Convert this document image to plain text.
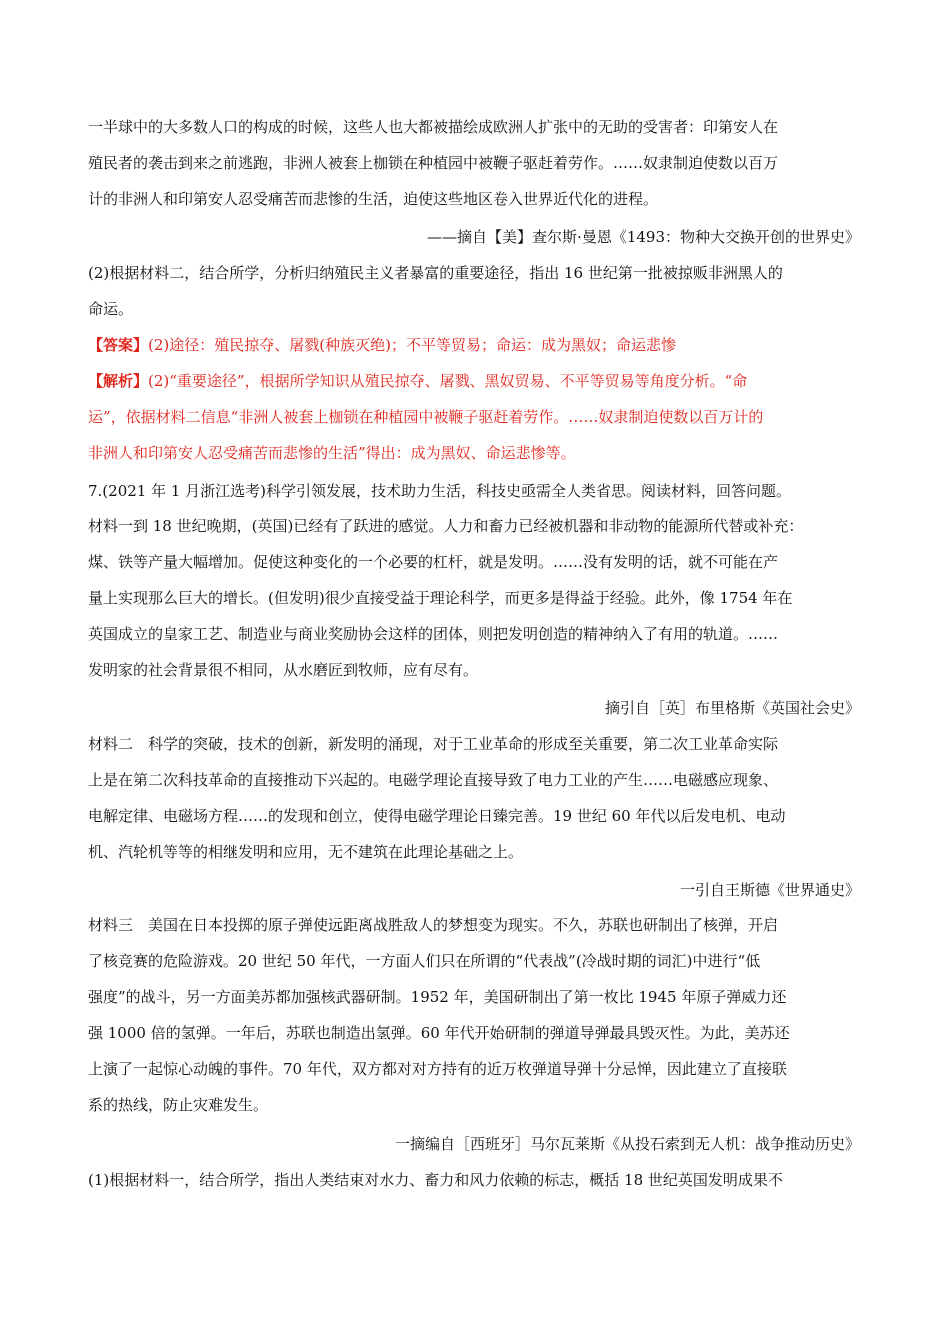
一半球中的大多数人口的构成的时候，这些人也大都被描绘成欧洲人扩张中的无助的受害者：印第安人在
殖民者的袭击到来之前逃跑，非洲人被套上枷锁在种植园中被鞭子驱赶着劳作。……奴隶制迫使数以百万
计的非洲人和印第安人忍受痛苦而悲惨的生活，迫使这些地区卷入世界近代化的进程。
——摘自【美】查尔斯·曼恩《1493：物种大交换开创的世界史》
(2)根据材料二，结合所学，分析归纳殖民主义者暴富的重要途径，指出 16 世纪第一批被掠贩非洲黑人的
命运。
【答案】(2)途径：殖民掠夺、屠戮(种族灭绝)；不平等贸易；命运：成为黑奴；命运悲惨
【解析】(2)“重要途径”，根据所学知识从殖民掠夺、屠戮、黑奴贸易、不平等贸易等角度分析。“命
运”，依据材料二信息“非洲人被套上枷锁在种植园中被鞭子驱赶着劳作。……奴隶制迫使数以百万计的
非洲人和印第安人忍受痛苦而悲惨的生活”得出：成为黑奴、命运悲惨等。
7.(2021 年 1 月浙江选考)科学引领发展，技术助力生活，科技史亟需全人类省思。阅读材料，回答问题。
材料一到 18 世纪晚期，(英国)已经有了跃进的感觉。人力和畜力已经被机器和非动物的能源所代替或补充：
煤、铁等产量大幅增加。促使这种变化的一个必要的杠杆，就是发明。……没有发明的话，就不可能在产
量上实现那么巨大的增长。(但发明)很少直接受益于理论科学，而更多是得益于经验。此外，像 1754 年在
英国成立的皇家工艺、制造业与商业奖励协会这样的团体，则把发明创造的精神纳入了有用的轨道。……
发明家的社会背景很不相同，从水磨匠到牧师，应有尽有。
摘引自［英］布里格斯《英国社会史》
材料二　科学的突破，技术的创新，新发明的涌现，对于工业革命的形成至关重要，第二次工业革命实际
上是在第二次科技革命的直接推动下兴起的。电磁学理论直接导致了电力工业的产生……电磁感应现象、
电解定律、电磁场方程……的发现和创立，使得电磁学理论日臻完善。19 世纪 60 年代以后发电机、电动
机、汽轮机等等的相继发明和应用，无不建筑在此理论基础之上。
一引自王斯德《世界通史》
材料三　美国在日本投掷的原子弹使远距离战胜敌人的梦想变为现实。不久，苏联也研制出了核弹，开启
了核竞赛的危险游戏。20 世纪 50 年代，一方面人们只在所谓的“代表战”(冷战时期的词汇)中进行“低
强度”的战斗，另一方面美苏都加强核武器研制。1952 年，美国研制出了第一枚比 1945 年原子弹威力还
强 1000 倍的氢弹。一年后，苏联也制造出氢弹。60 年代开始研制的弹道导弹最具毁灭性。为此，美苏还
上演了一起惊心动魄的事件。70 年代，双方都对对方持有的近万枚弹道导弹十分忌惮，因此建立了直接联
系的热线，防止灾难发生。
一摘编自［西班牙］马尔瓦莱斯《从投石索到无人机：战争推动历史》
(1)根据材料一，结合所学，指出人类结束对水力、畜力和风力依赖的标志，概括 18 世纪英国发明成果不
